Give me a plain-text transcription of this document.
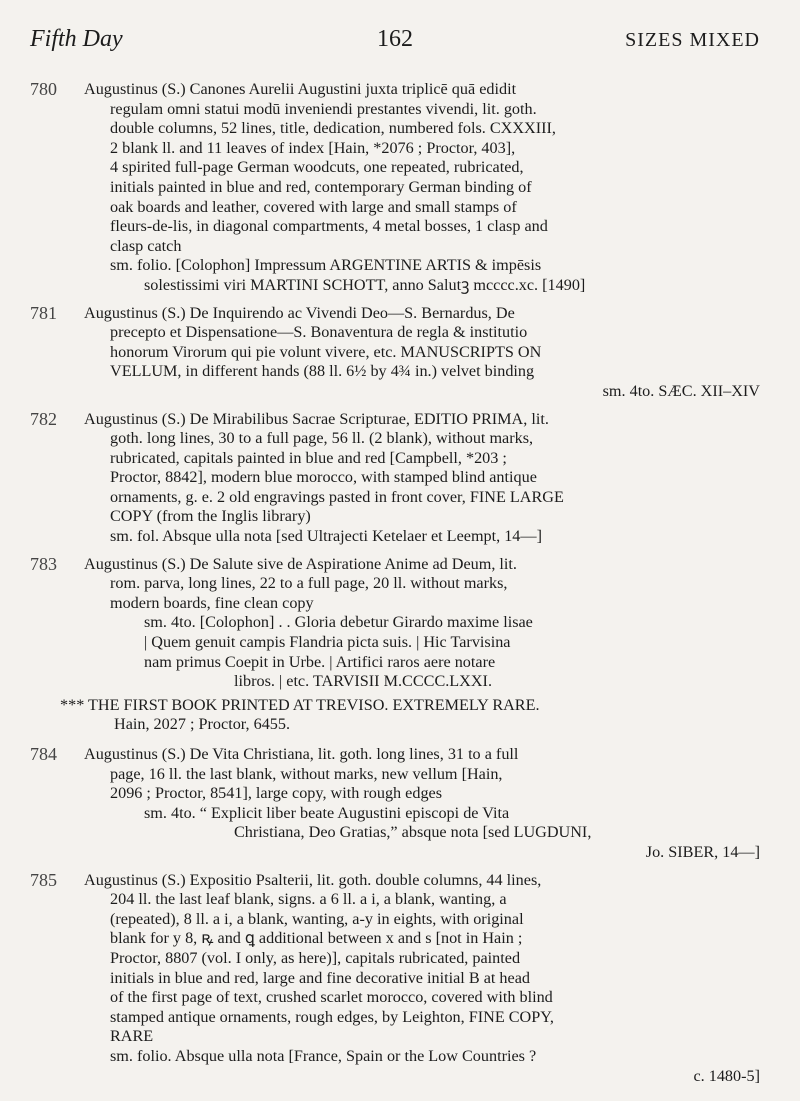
Fifth Day	162	SIZES MIXED
780	Augustinus (S.) Canones Aurelii Augustini juxta triplicē quā edidit
regulam omni statui modū inveniendi prestantes vivendi, lit. goth.
double columns, 52 lines, title, dedication, numbered fols. CXXXIII,
2 blank ll. and 11 leaves of index [Hain, *2076 ; Proctor, 403],
4 spirited full-page German woodcuts, one repeated, rubricated,
initials painted in blue and red, contemporary German binding of
oak boards and leather, covered with large and small stamps of
fleurs-de-lis, in diagonal compartments, 4 metal bosses, 1 clasp and
clasp catch
sm. folio. [Colophon] Impressum ARGENTINE ARTIS & impēsis
solestissimi viri MARTINI SCHOTT, anno Salutꝫ mcccc.xc. [1490]
781	Augustinus (S.) De Inquirendo ac Vivendi Deo—S. Bernardus, De
precepto et Dispensatione—S. Bonaventura de regla & institutio
honorum Virorum qui pie volunt vivere, etc. MANUSCRIPTS ON
VELLUM, in different hands (88 ll. 6½ by 4¾ in.) velvet binding
sm. 4to. SÆC. XII–XIV
782	Augustinus (S.) De Mirabilibus Sacrae Scripturae, EDITIO PRIMA, lit.
goth. long lines, 30 to a full page, 56 ll. (2 blank), without marks,
rubricated, capitals painted in blue and red [Campbell, *203 ;
Proctor, 8842], modern blue morocco, with stamped blind antique
ornaments, g. e. 2 old engravings pasted in front cover, FINE LARGE
COPY (from the Inglis library)
sm. fol. Absque ulla nota [sed Ultrajecti Ketelaer et Leempt, 14—]
783	Augustinus (S.) De Salute sive de Aspiratione Anime ad Deum, lit.
rom. parva, long lines, 22 to a full page, 20 ll. without marks,
modern boards, fine clean copy
sm. 4to. [Colophon] . . Gloria debetur Girardo maxime lisae
| Quem genuit campis Flandria picta suis. | Hic Tarvisina
nam primus Coepit in Urbe. | Artifici raros aere notare
libros. | etc. TARVISII M.CCCC.LXXI.
*** THE FIRST BOOK PRINTED AT TREVISO. EXTREMELY RARE.
Hain, 2027 ; Proctor, 6455.
784	Augustinus (S.) De Vita Christiana, lit. goth. long lines, 31 to a full
page, 16 ll. the last blank, without marks, new vellum [Hain,
2096 ; Proctor, 8541], large copy, with rough edges
sm. 4to. “ Explicit liber beate Augustini episcopi de Vita
Christiana, Deo Gratias,” absque nota [sed LUGDUNI,
Jo. SIBER, 14—]
785	Augustinus (S.) Expositio Psalterii, lit. goth. double columns, 44 lines,
204 ll. the last leaf blank, signs. a 6 ll. a i, a blank, wanting, a
(repeated), 8 ll. a i, a blank, wanting, a-y in eights, with original
blank for y 8, ꝶ and ꝗ additional between x and s [not in Hain ;
Proctor, 8807 (vol. I only, as here)], capitals rubricated, painted
initials in blue and red, large and fine decorative initial B at head
of the first page of text, crushed scarlet morocco, covered with blind
stamped antique ornaments, rough edges, by Leighton, FINE COPY,
RARE
sm. folio. Absque ulla nota [France, Spain or the Low Countries ?
c. 1480-5]
